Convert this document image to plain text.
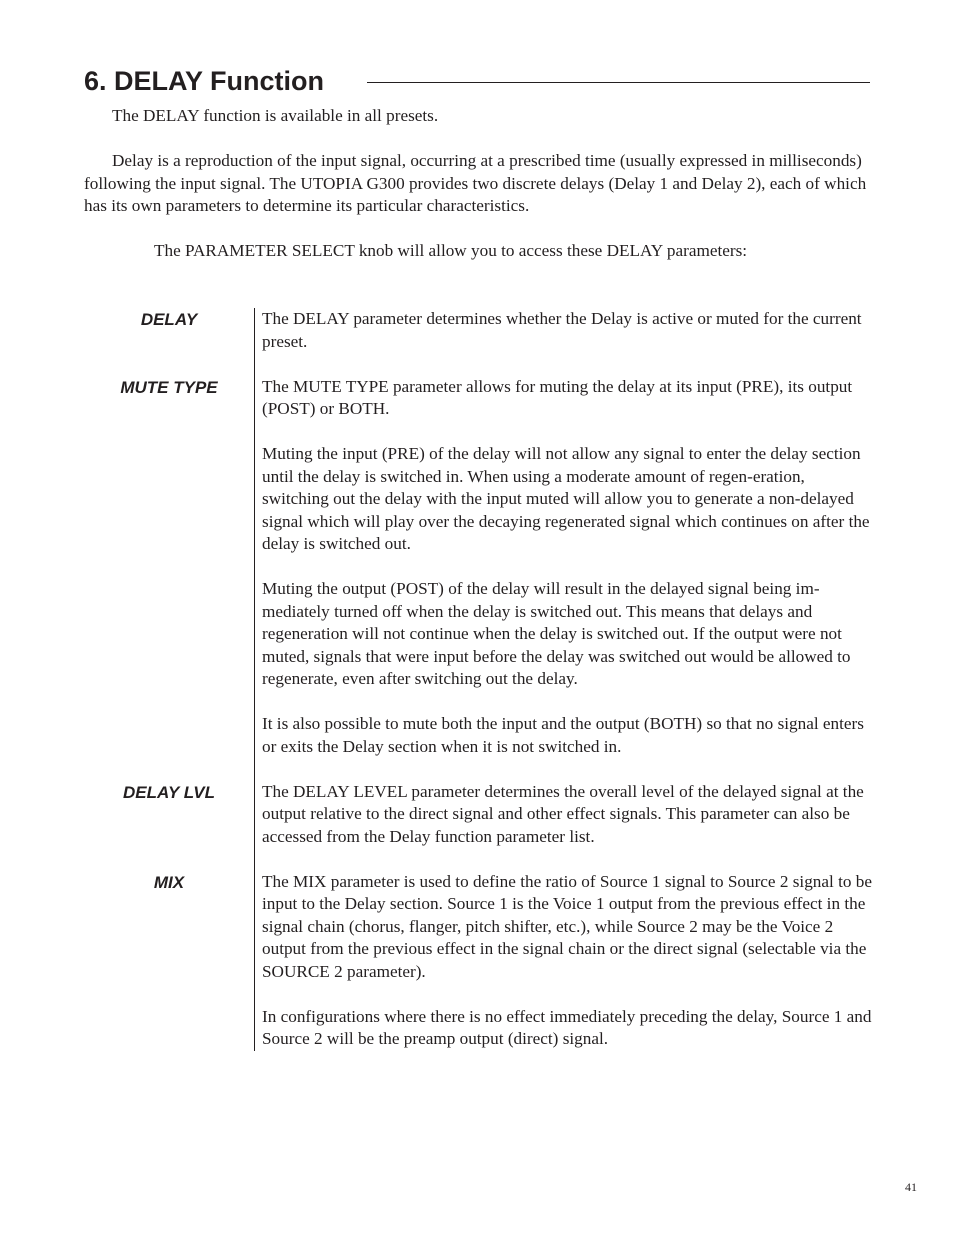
6. DELAY Function

The DELAY function is available in all presets.

Delay is a reproduction of the input signal, occurring at a prescribed time (usually expressed in milliseconds) following the input signal. The UTOPIA G300 provides two discrete delays (Delay 1 and Delay 2), each of which has its own parameters to determine its particular characteristics.

The PARAMETER SELECT knob will allow you to access these DELAY parameters:

DELAY	The DELAY parameter determines whether the Delay is active or muted for the current preset.

MUTE TYPE	The MUTE TYPE parameter allows for muting the delay at its input (PRE), its output (POST) or BOTH.

Muting the input (PRE) of the delay will not allow any signal to enter the delay section until the delay is switched in. When using a moderate amount of regen-eration, switching out the delay with the input muted will allow you to generate a non-delayed signal which will play over the decaying regenerated signal which continues on after the delay is switched out.

Muting the output (POST) of the delay will result in the delayed signal being im-mediately turned off when the delay is switched out. This means that delays and regeneration will not continue when the delay is switched out. If the output were not muted, signals that were input before the delay was switched out would be allowed to regenerate, even after switching out the delay.

It is also possible to mute both the input and the output (BOTH) so that no signal enters or exits the Delay section when it is not switched in.

DELAY LVL	The DELAY LEVEL parameter determines the overall level of the delayed signal at the output relative to the direct signal and other effect signals. This parameter can also be accessed from the Delay function parameter list.

MIX	The MIX parameter is used to define the ratio of Source 1 signal to Source 2 signal to be input to the Delay section. Source 1 is the Voice 1 output from the previous effect in the signal chain (chorus, flanger, pitch shifter, etc.), while Source 2 may be the Voice 2 output from the previous effect in the signal chain or the direct signal (selectable via the SOURCE 2 parameter).

In configurations where there is no effect immediately preceding the delay, Source 1 and Source 2 will be the preamp output (direct) signal.

41
